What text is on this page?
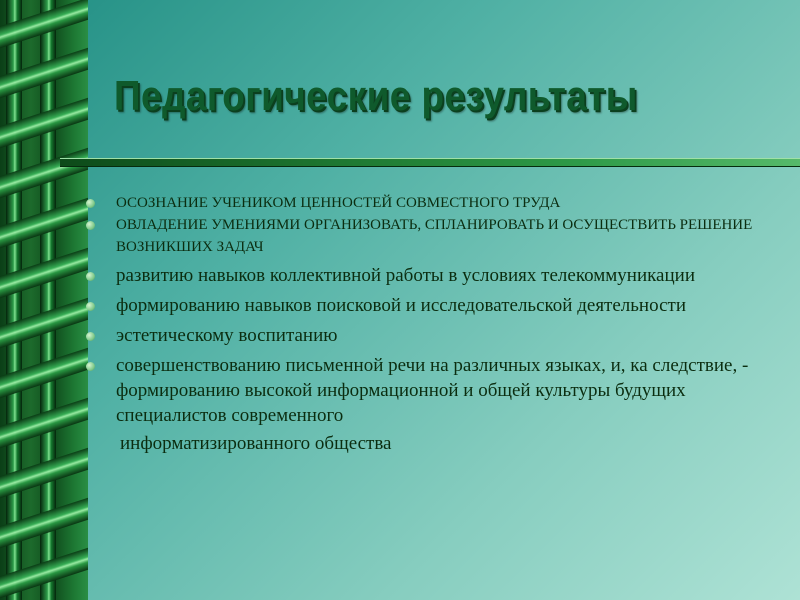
Педагогические результаты
ОСОЗНАНИЕ УЧЕНИКОМ ЦЕННОСТЕЙ СОВМЕСТНОГО ТРУДА
ОВЛАДЕНИЕ УМЕНИЯМИ ОРГАНИЗОВАТЬ, СПЛАНИРОВАТЬ И ОСУЩЕСТВИТЬ РЕШЕНИЕ ВОЗНИКШИХ ЗАДАЧ
развитию навыков коллективной работы в условиях телекоммуникации
формированию навыков поисковой и исследовательской деятельности
эстетическому воспитанию
совершенствованию письменной речи на различных языках, и, ка следствие, - формированию высокой информационной и общей культуры будущих специалистов современного
информатизированного общества
